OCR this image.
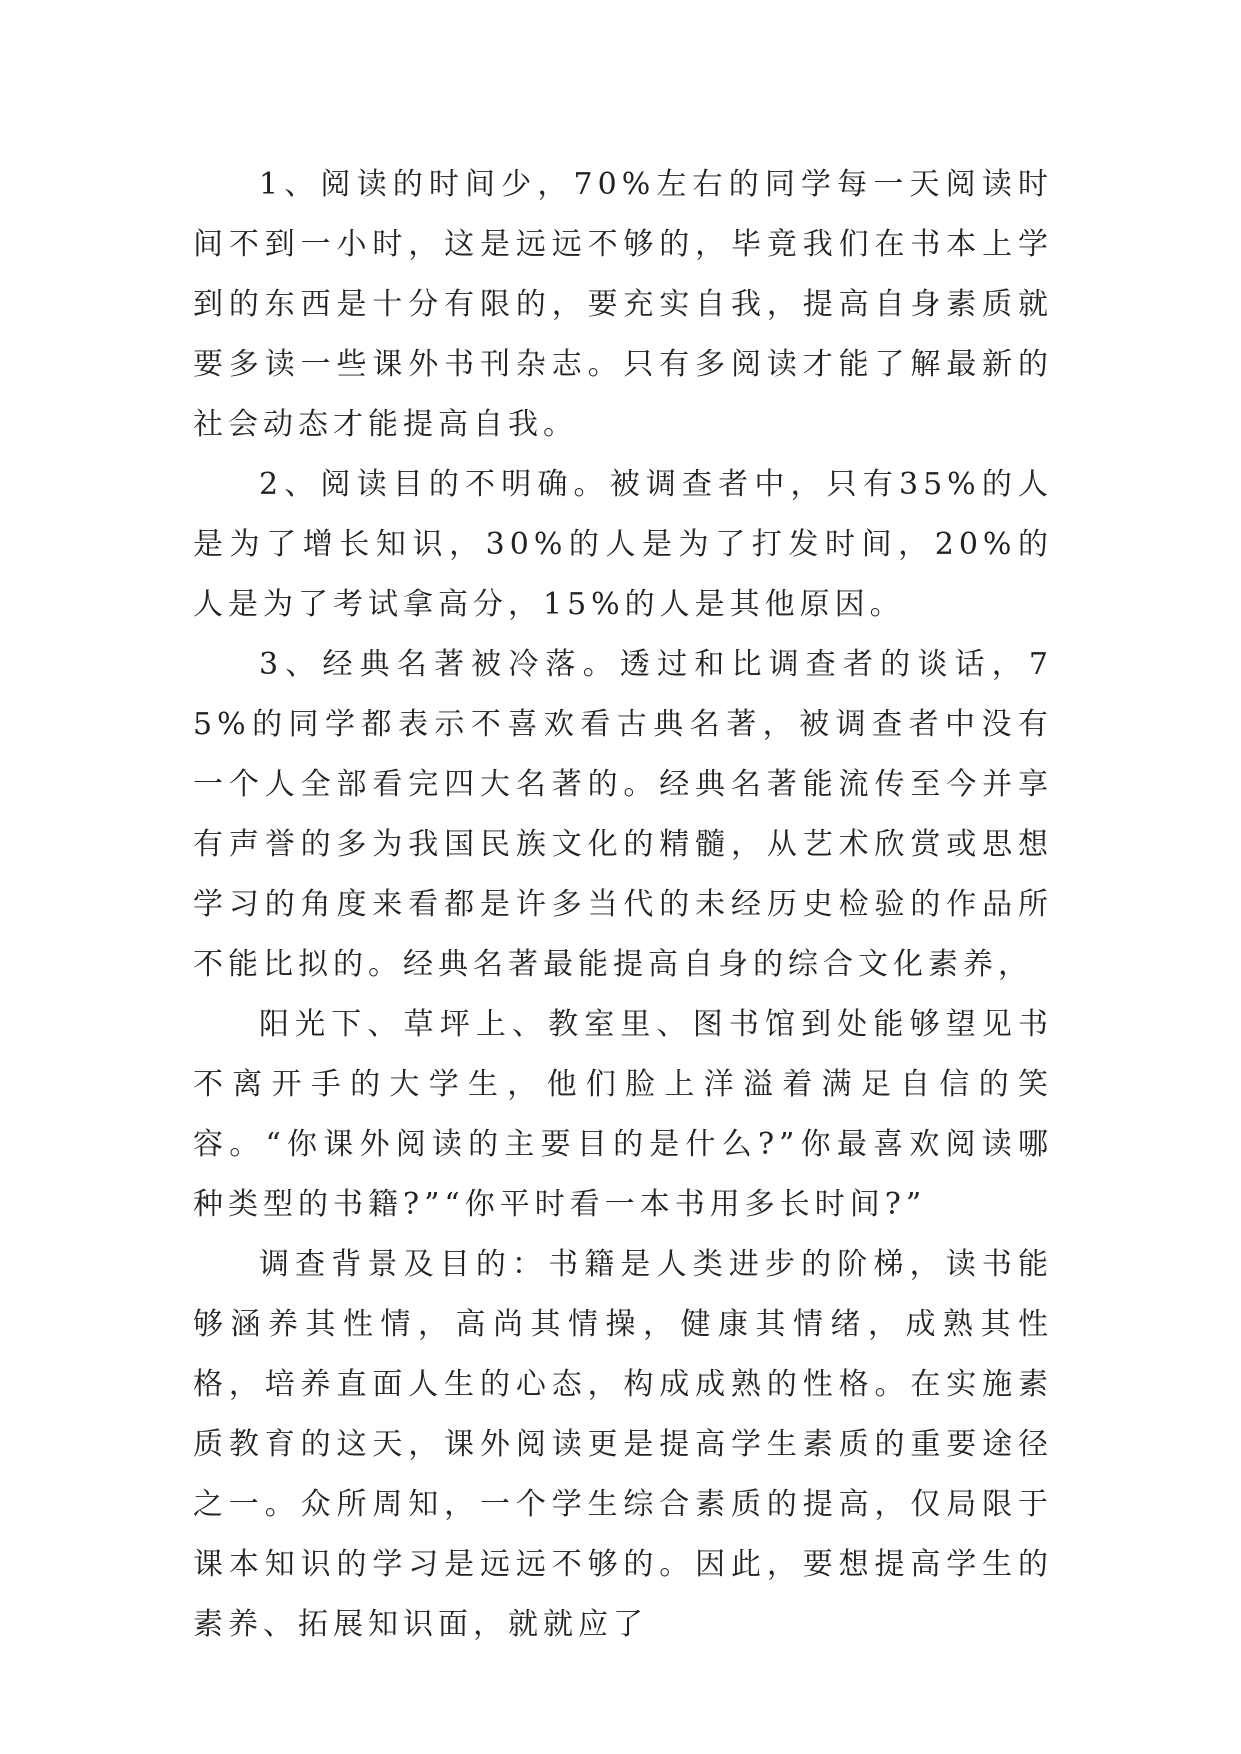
1、阅读的时间少，70%左右的同学每一天阅读时间不到一小时，这是远远不够的，毕竟我们在书本上学到的东西是十分有限的，要充实自我，提高自身素质就要多读一些课外书刊杂志。只有多阅读才能了解最新的社会动态才能提高自我。

2、阅读目的不明确。被调查者中，只有35%的人是为了增长知识，30%的人是为了打发时间，20%的人是为了考试拿高分，15%的人是其他原因。

3、经典名著被冷落。透过和比调查者的谈话，75%的同学都表示不喜欢看古典名著，被调查者中没有一个人全部看完四大名著的。经典名著能流传至今并享有声誉的多为我国民族文化的精髓，从艺术欣赏或思想学习的角度来看都是许多当代的未经历史检验的作品所不能比拟的。经典名著最能提高自身的综合文化素养，

阳光下、草坪上、教室里、图书馆到处能够望见书不离开手的大学生，他们脸上洋溢着满足自信的笑容。“你课外阅读的主要目的是什么?”你最喜欢阅读哪种类型的书籍?”“你平时看一本书用多长时间?”

调查背景及目的：书籍是人类进步的阶梯，读书能够涵养其性情，高尚其情操，健康其情绪，成熟其性格，培养直面人生的心态，构成成熟的性格。在实施素质教育的这天，课外阅读更是提高学生素质的重要途径之一。众所周知，一个学生综合素质的提高，仅局限于课本知识的学习是远远不够的。因此，要想提高学生的素养、拓展知识面，就就应了
